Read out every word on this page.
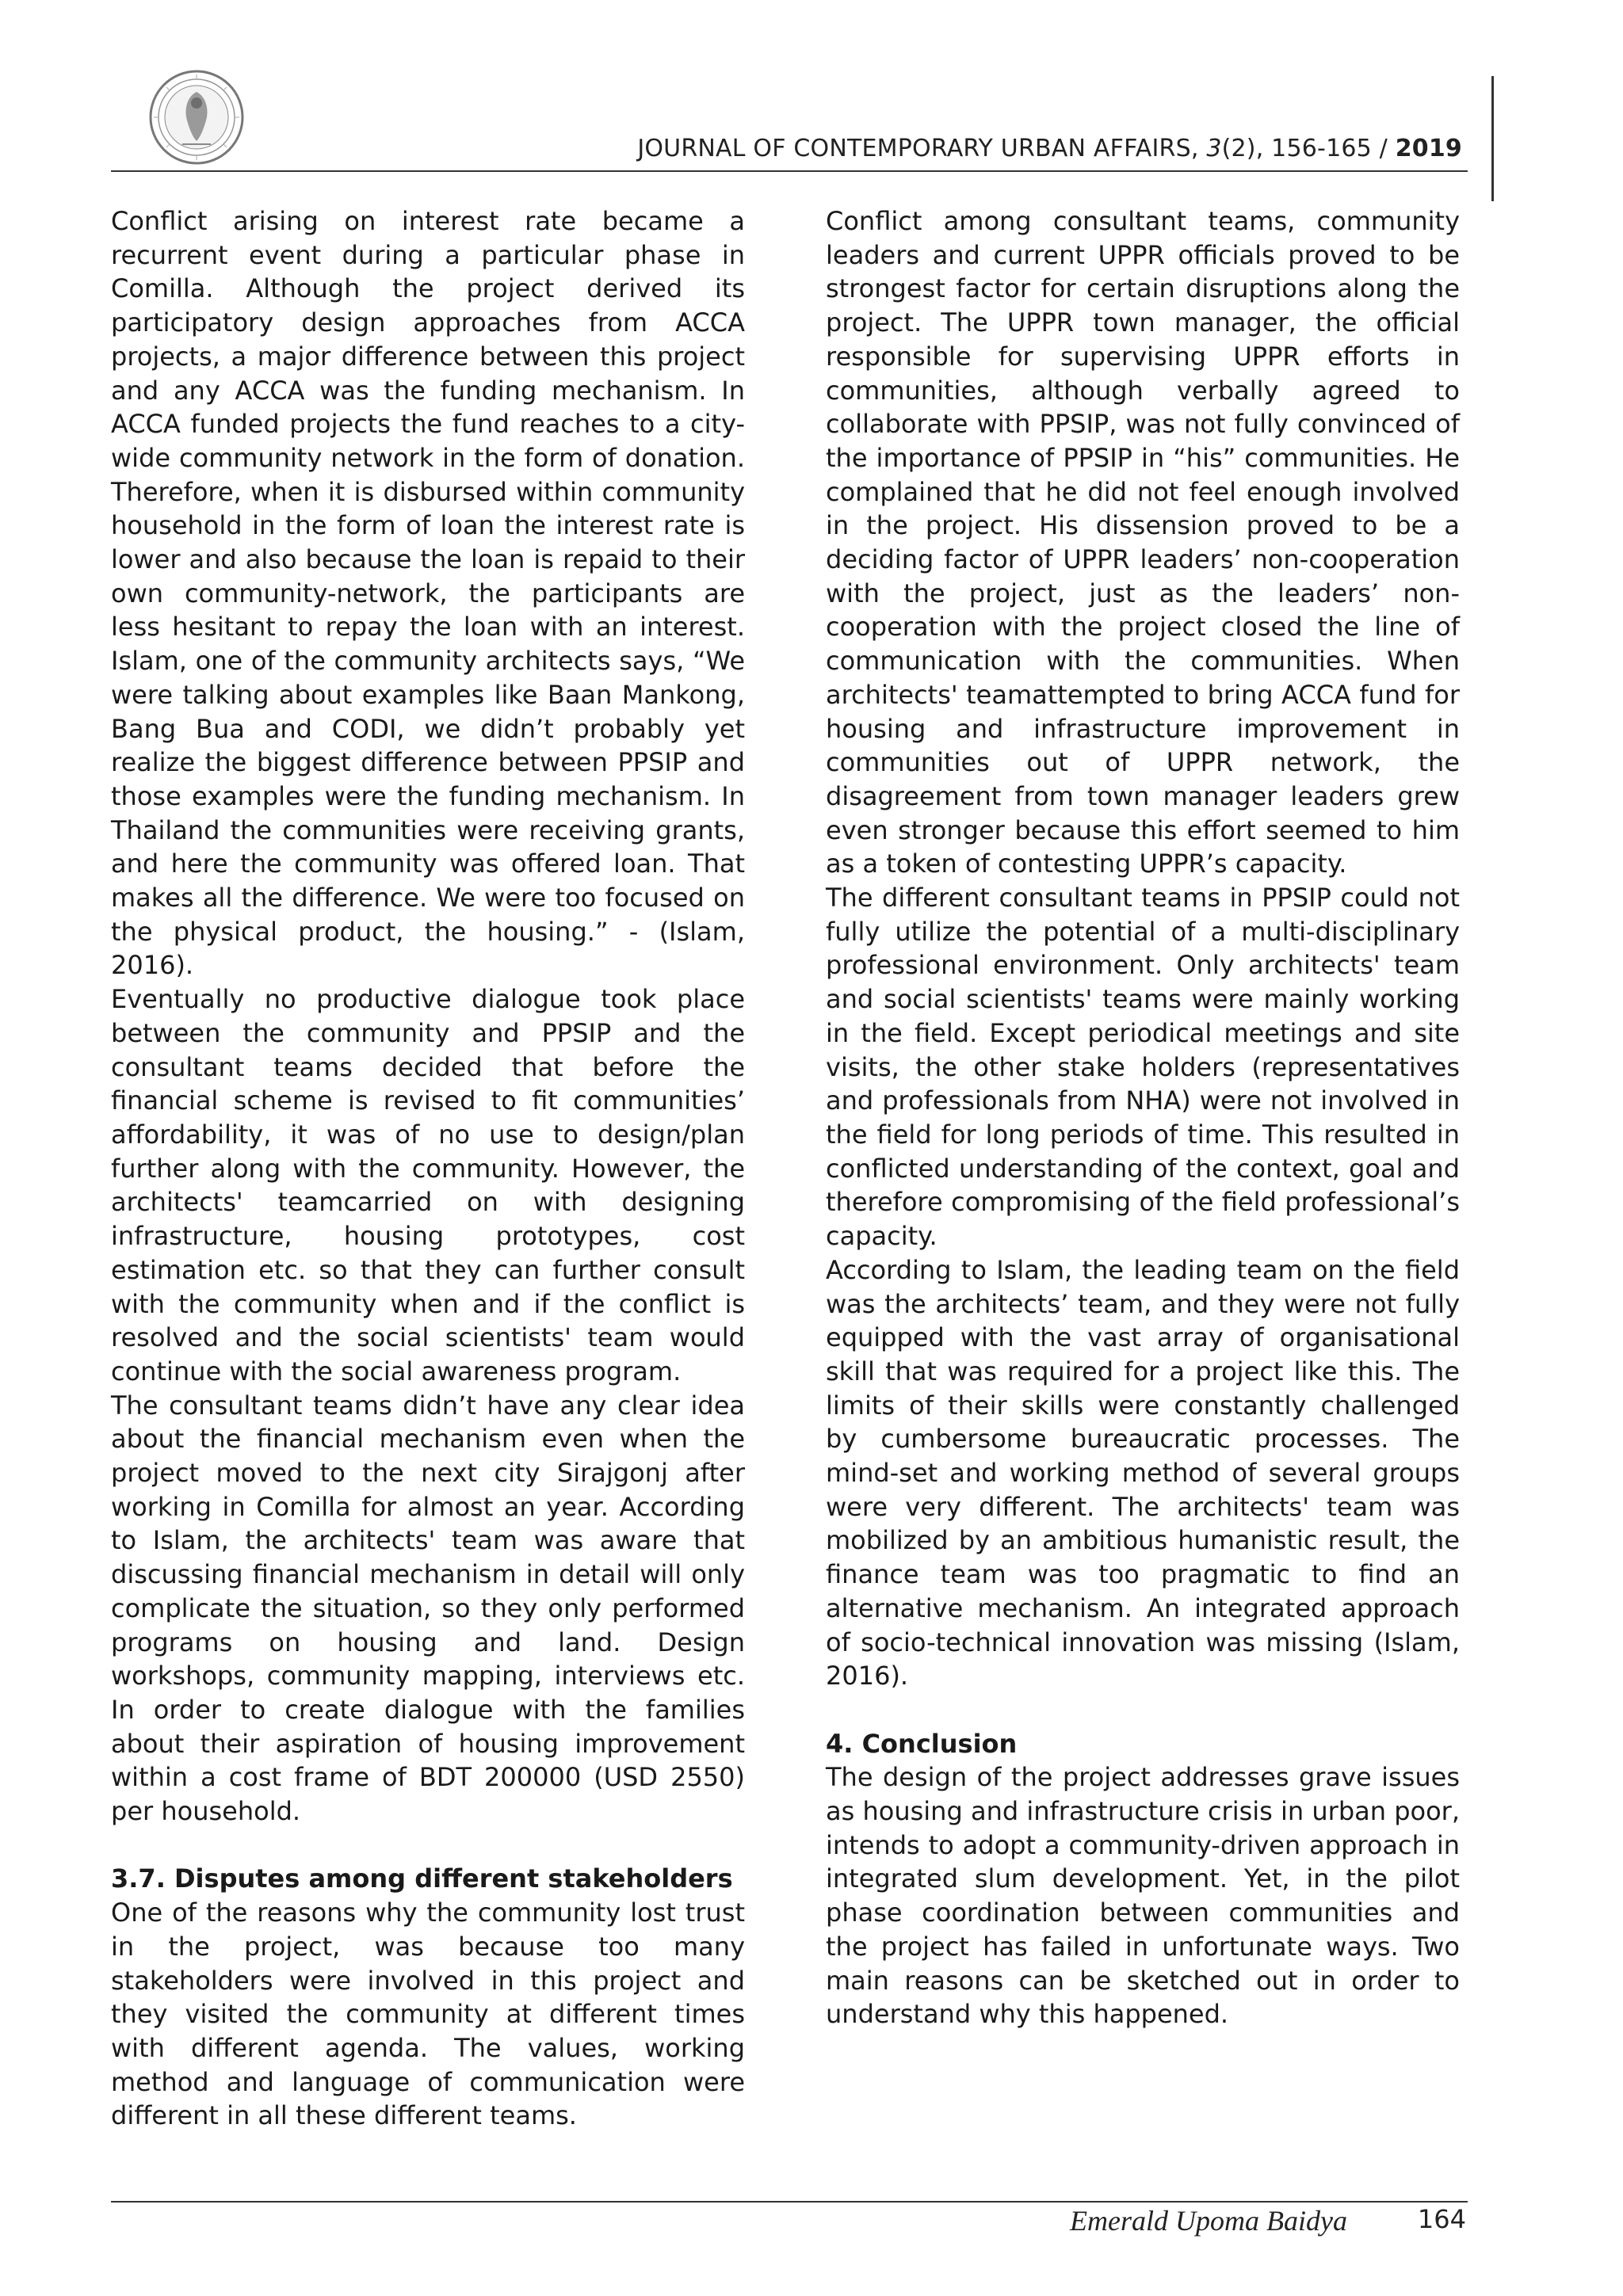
JOURNAL OF CONTEMPORARY URBAN AFFAIRS, 3(2), 156-165 / 2019

Conflict arising on interest rate became a recurrent event during a particular phase in Comilla. Although the project derived its participatory design approaches from ACCA projects, a major difference between this project and any ACCA was the funding mechanism. In ACCA funded projects the fund reaches to a city-wide community network in the form of donation. Therefore, when it is disbursed within community household in the form of loan the interest rate is lower and also because the loan is repaid to their own community-network, the participants are less hesitant to repay the loan with an interest. Islam, one of the community architects says, “We were talking about examples like Baan Mankong, Bang Bua and CODI, we didn’t probably yet realize the biggest difference between PPSIP and those examples were the funding mechanism. In Thailand the communities were receiving grants, and here the community was offered loan. That makes all the difference. We were too focused on the physical product, the housing.” - (Islam, 2016).

Eventually no productive dialogue took place between the community and PPSIP and the consultant teams decided that before the financial scheme is revised to fit communities’ affordability, it was of no use to design/plan further along with the community. However, the architects' teamcarried on with designing infrastructure, housing prototypes, cost estimation etc. so that they can further consult with the community when and if the conflict is resolved and the social scientists' team would continue with the social awareness program.

The consultant teams didn’t have any clear idea about the financial mechanism even when the project moved to the next city Sirajgonj after working in Comilla for almost an year. According to Islam, the architects' team was aware that discussing financial mechanism in detail will only complicate the situation, so they only performed programs on housing and land. Design workshops, community mapping, interviews etc. In order to create dialogue with the families about their aspiration of housing improvement within a cost frame of BDT 200000 (USD 2550) per household.

3.7. Disputes among different stakeholders

One of the reasons why the community lost trust in the project, was because too many stakeholders were involved in this project and they visited the community at different times with different agenda. The values, working method and language of communication were different in all these different teams.

Conflict among consultant teams, community leaders and current UPPR officials proved to be strongest factor for certain disruptions along the project. The UPPR town manager, the official responsible for supervising UPPR efforts in communities, although verbally agreed to collaborate with PPSIP, was not fully convinced of the importance of PPSIP in “his” communities. He complained that he did not feel enough involved in the project. His dissension proved to be a deciding factor of UPPR leaders’ non-cooperation with the project, just as the leaders’ non-cooperation with the project closed the line of communication with the communities. When architects' teamattempted to bring ACCA fund for housing and infrastructure improvement in communities out of UPPR network, the disagreement from town manager leaders grew even stronger because this effort seemed to him as a token of contesting UPPR’s capacity.

The different consultant teams in PPSIP could not fully utilize the potential of a multi-disciplinary professional environment. Only architects' team and social scientists' teams were mainly working in the field. Except periodical meetings and site visits, the other stake holders (representatives and professionals from NHA) were not involved in the field for long periods of time. This resulted in conflicted understanding of the context, goal and therefore compromising of the field professional’s capacity.

According to Islam, the leading team on the field was the architects’ team, and they were not fully equipped with the vast array of organisational skill that was required for a project like this. The limits of their skills were constantly challenged by cumbersome bureaucratic processes. The mind-set and working method of several groups were very different. The architects' team was mobilized by an ambitious humanistic result, the finance team was too pragmatic to find an alternative mechanism. An integrated approach of socio-technical innovation was missing (Islam, 2016).

4. Conclusion

The design of the project addresses grave issues as housing and infrastructure crisis in urban poor, intends to adopt a community-driven approach in integrated slum development. Yet, in the pilot phase coordination between communities and the project has failed in unfortunate ways. Two main reasons can be sketched out in order to understand why this happened.

Emerald Upoma Baidya	164
